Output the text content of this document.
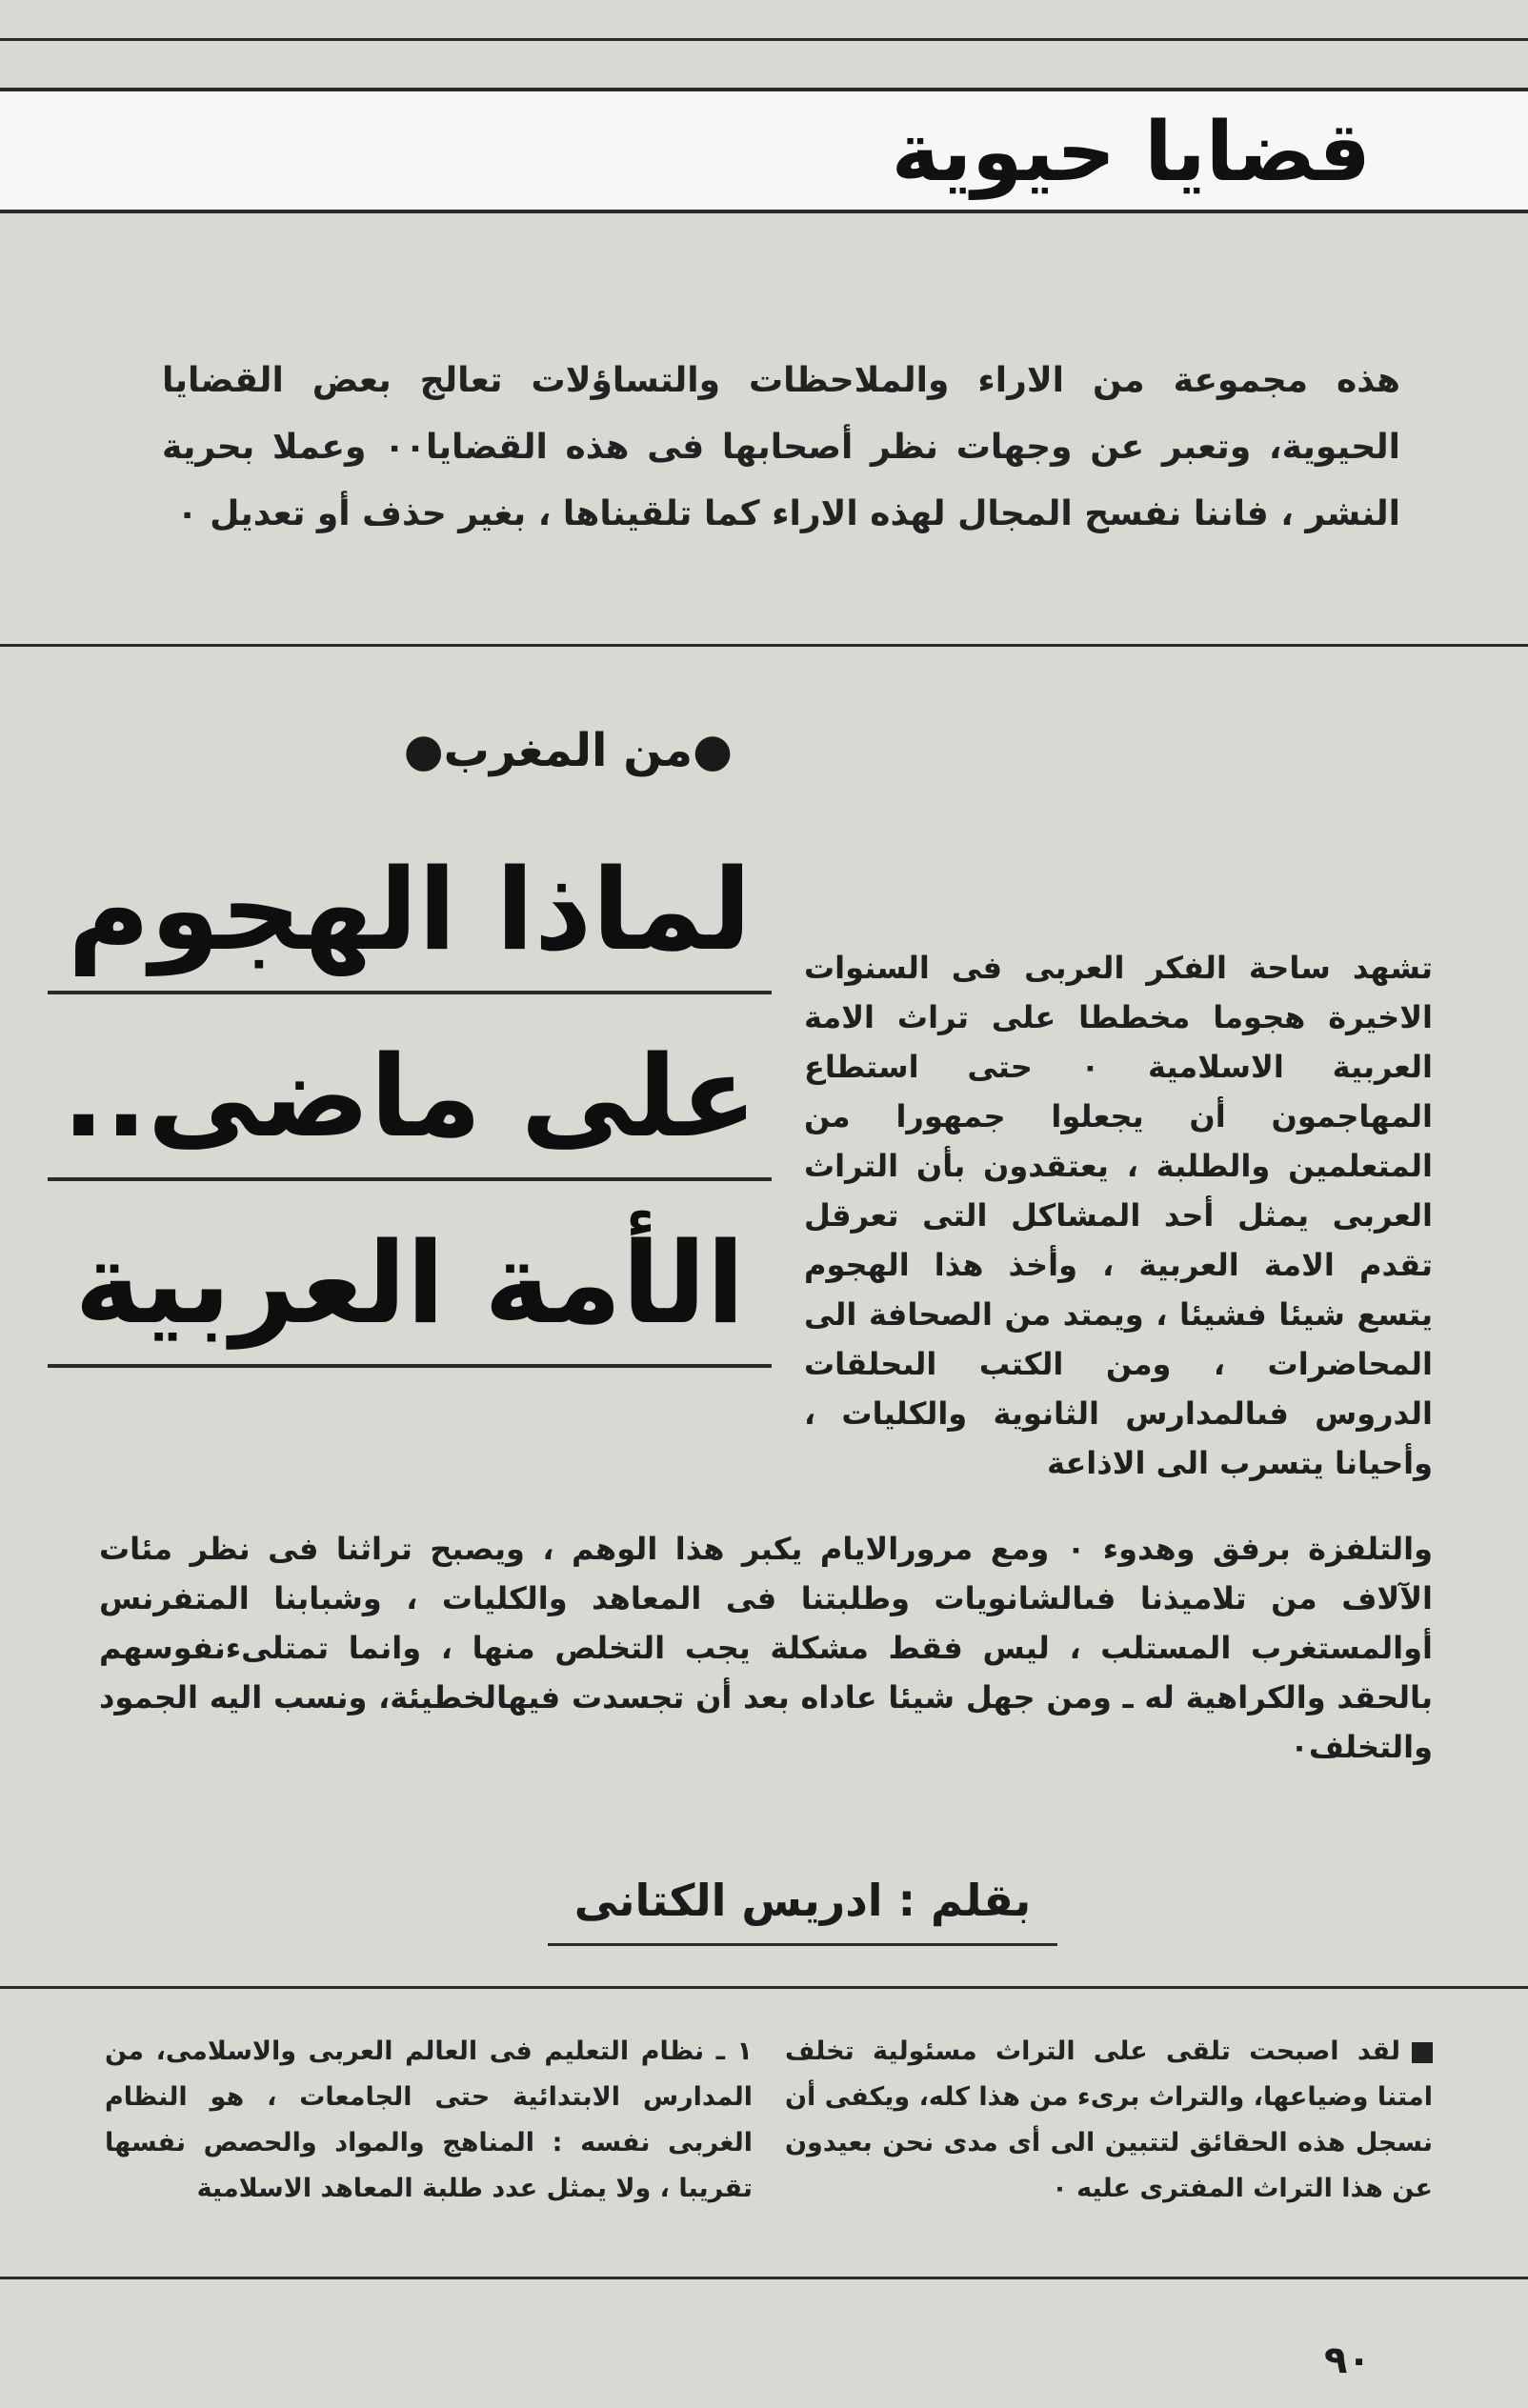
قضايا حيوية
هذه مجموعة من الاراء والملاحظات والتساؤلات تعالج بعض القضايا الحيوية، وتعبر عن وجهات نظر أصحابها فى هذه القضايا٠٠ وعملا بحرية النشر ، فاننا نفسح المجال لهذه الاراء كما تلقيناها ، بغير حذف أو تعديل ٠
●من المغرب●
لماذا الهجوم
على ماضى..
الأمة العربية
تشهد ساحة الفكر العربى فى السنوات الاخيرة هجوما مخططا على تراث الامة العربية الاسلامية ٠ حتى استطاع المهاجمون أن يجعلوا جمهورا من المتعلمين والطلبة ، يعتقدون بأن التراث العربى يمثل أحد المشاكل التى تعرقل تقدم الامة العربية ، وأخذ هذا الهجوم يتسع شيئا فشيئا ، ويمتد من الصحافة الى المحاضرات ، ومن الكتب الىحلقات الدروس فىالمدارس الثانوية والكليات ، وأحيانا يتسرب الى الاذاعة
والتلفزة برفق وهدوء ٠ ومع مرورالايام يكبر هذا الوهم ، ويصبح تراثنا فى نظر مئات الآلاف من تلاميذنا فىالشانويات وطلبتنا فى المعاهد والكليات ، وشبابنا المتفرنس أوالمستغرب المستلب ، ليس فقط مشكلة يجب التخلص منها ، وانما تمتلىءنفوسهم بالحقد والكراهية له ـ ومن جهل شيئا عاداه بعد أن تجسدت فيهالخطيئة، ونسب اليه الجمود والتخلف٠
بقلم : ادريس الكتانى
لقد اصبحت تلقى على التراث مسئولية تخلف امتنا وضياعها، والتراث برىء من هذا كله، ويكفى أن نسجل هذه الحقائق لتتبين الى أى مدى نحن بعيدون عن هذا التراث المفترى عليه ٠
١ ـ نظام التعليم فى العالم العربى والاسلامى، من المدارس الابتدائية حتى الجامعات ، هو النظام الغربى نفسه : المناهج والمواد والحصص نفسها تقريبا ، ولا يمثل عدد طلبة المعاهد الاسلامية
٩٠
